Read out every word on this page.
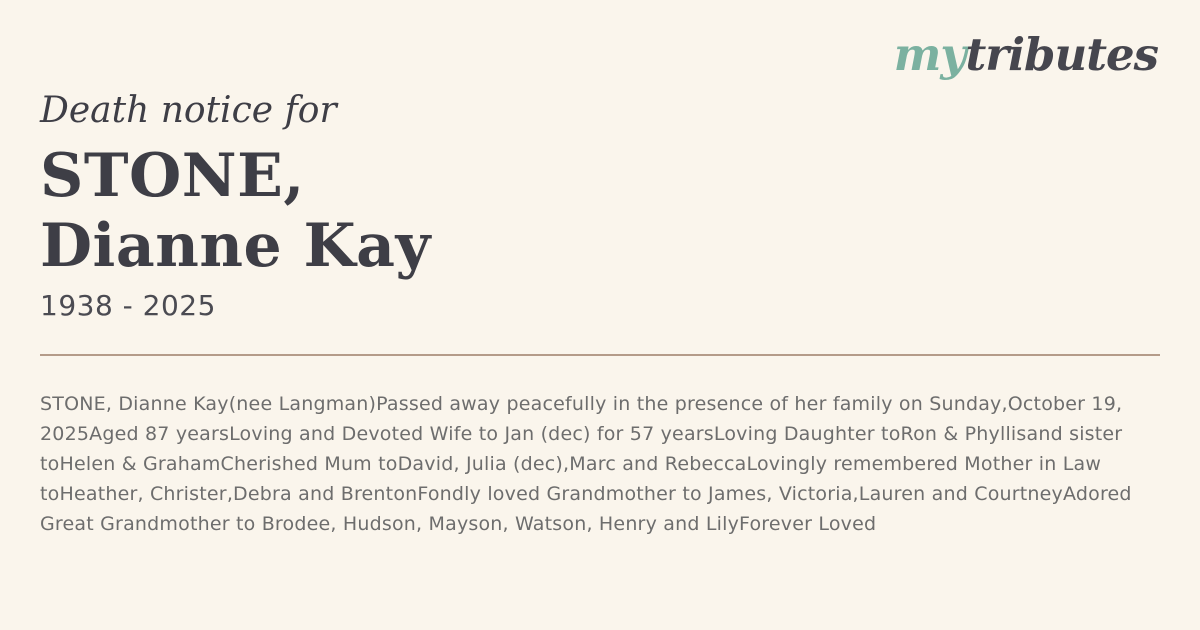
mytributes
Death notice for
STONE,
Dianne Kay
1938 - 2025

STONE, Dianne Kay(nee Langman)Passed away peacefully in the presence of her family on Sunday,October 19, 2025Aged 87 yearsLoving and Devoted Wife to Jan (dec) for 57 yearsLoving Daughter toRon & Phyllisand sister toHelen & GrahamCherished Mum toDavid, Julia (dec),Marc and RebeccaLovingly remembered Mother in Law toHeather, Christer,Debra and BrentonFondly loved Grandmother to James, Victoria,Lauren and CourtneyAdored Great Grandmother to Brodee, Hudson, Mayson, Watson, Henry and LilyForever Loved
